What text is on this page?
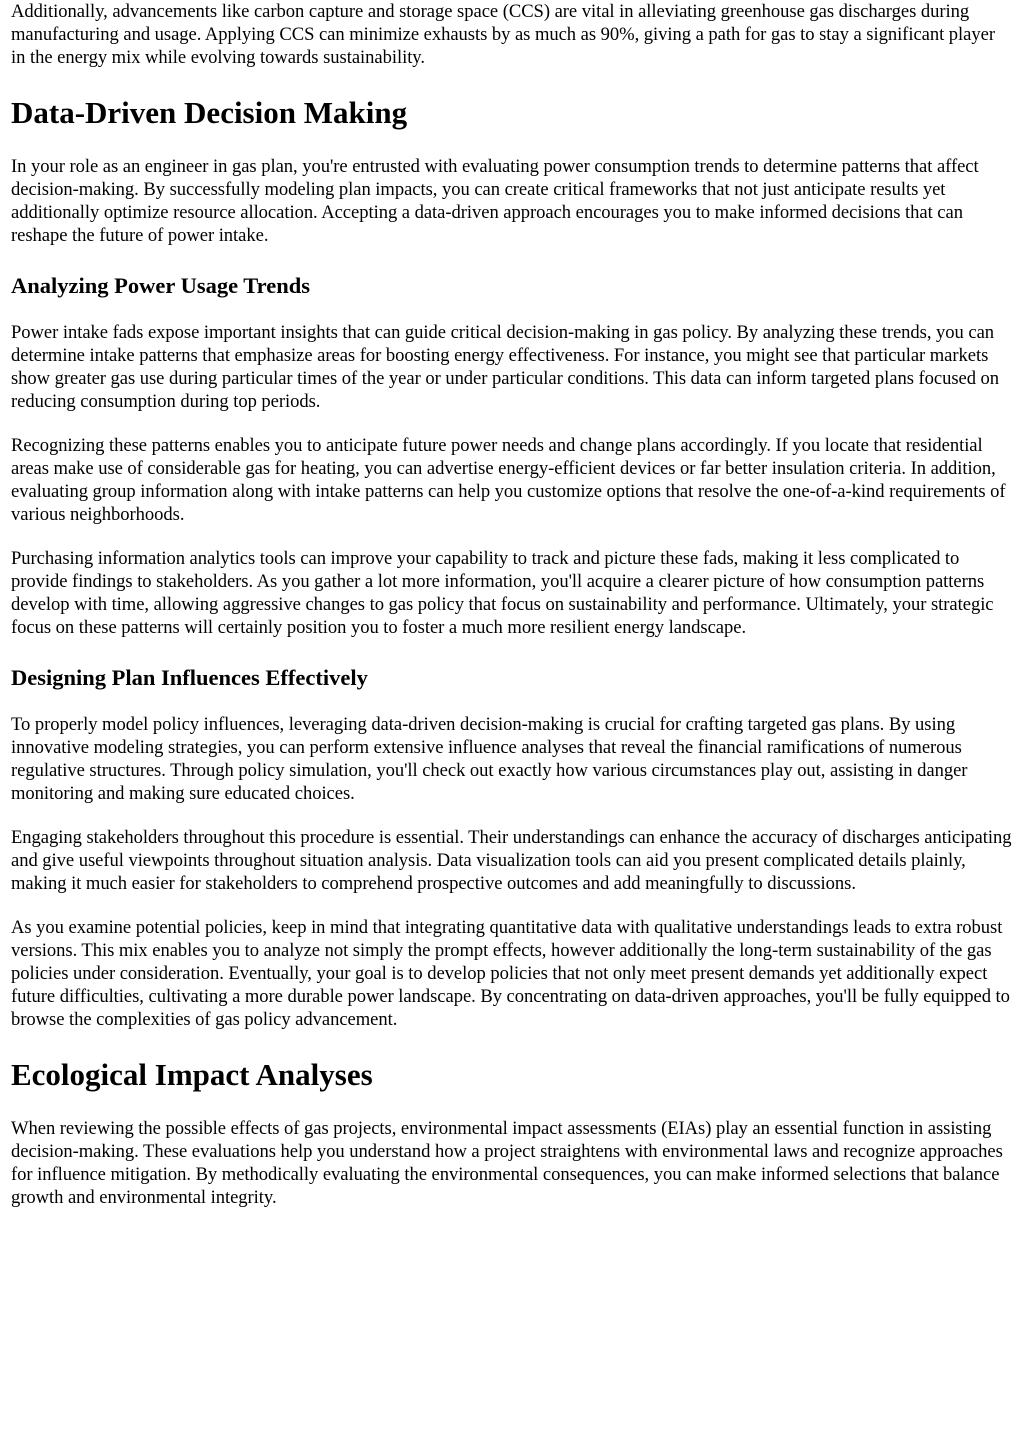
Additionally, advancements like carbon capture and storage space (CCS) are vital in alleviating greenhouse gas discharges during manufacturing and usage. Applying CCS can minimize exhausts by as much as 90%, giving a path for gas to stay a significant player in the energy mix while evolving towards sustainability.

Data-Driven Decision Making

In your role as an engineer in gas plan, you're entrusted with evaluating power consumption trends to determine patterns that affect decision-making. By successfully modeling plan impacts, you can create critical frameworks that not just anticipate results yet additionally optimize resource allocation. Accepting a data-driven approach encourages you to make informed decisions that can reshape the future of power intake.

Analyzing Power Usage Trends

Power intake fads expose important insights that can guide critical decision-making in gas policy. By analyzing these trends, you can determine intake patterns that emphasize areas for boosting energy effectiveness. For instance, you might see that particular markets show greater gas use during particular times of the year or under particular conditions. This data can inform targeted plans focused on reducing consumption during top periods.

Recognizing these patterns enables you to anticipate future power needs and change plans accordingly. If you locate that residential areas make use of considerable gas for heating, you can advertise energy-efficient devices or far better insulation criteria. In addition, evaluating group information along with intake patterns can help you customize options that resolve the one-of-a-kind requirements of various neighborhoods.

Purchasing information analytics tools can improve your capability to track and picture these fads, making it less complicated to provide findings to stakeholders. As you gather a lot more information, you'll acquire a clearer picture of how consumption patterns develop with time, allowing aggressive changes to gas policy that focus on sustainability and performance. Ultimately, your strategic focus on these patterns will certainly position you to foster a much more resilient energy landscape.

Designing Plan Influences Effectively

To properly model policy influences, leveraging data-driven decision-making is crucial for crafting targeted gas plans. By using innovative modeling strategies, you can perform extensive influence analyses that reveal the financial ramifications of numerous regulative structures. Through policy simulation, you'll check out exactly how various circumstances play out, assisting in danger monitoring and making sure educated choices.

Engaging stakeholders throughout this procedure is essential. Their understandings can enhance the accuracy of discharges anticipating and give useful viewpoints throughout situation analysis. Data visualization tools can aid you present complicated details plainly, making it much easier for stakeholders to comprehend prospective outcomes and add meaningfully to discussions.

As you examine potential policies, keep in mind that integrating quantitative data with qualitative understandings leads to extra robust versions. This mix enables you to analyze not simply the prompt effects, however additionally the long-term sustainability of the gas policies under consideration. Eventually, your goal is to develop policies that not only meet present demands yet additionally expect future difficulties, cultivating a more durable power landscape. By concentrating on data-driven approaches, you'll be fully equipped to browse the complexities of gas policy advancement.

Ecological Impact Analyses

When reviewing the possible effects of gas projects, environmental impact assessments (EIAs) play an essential function in assisting decision-making. These evaluations help you understand how a project straightens with environmental laws and recognize approaches for influence mitigation. By methodically evaluating the environmental consequences, you can make informed selections that balance growth and environmental integrity.
